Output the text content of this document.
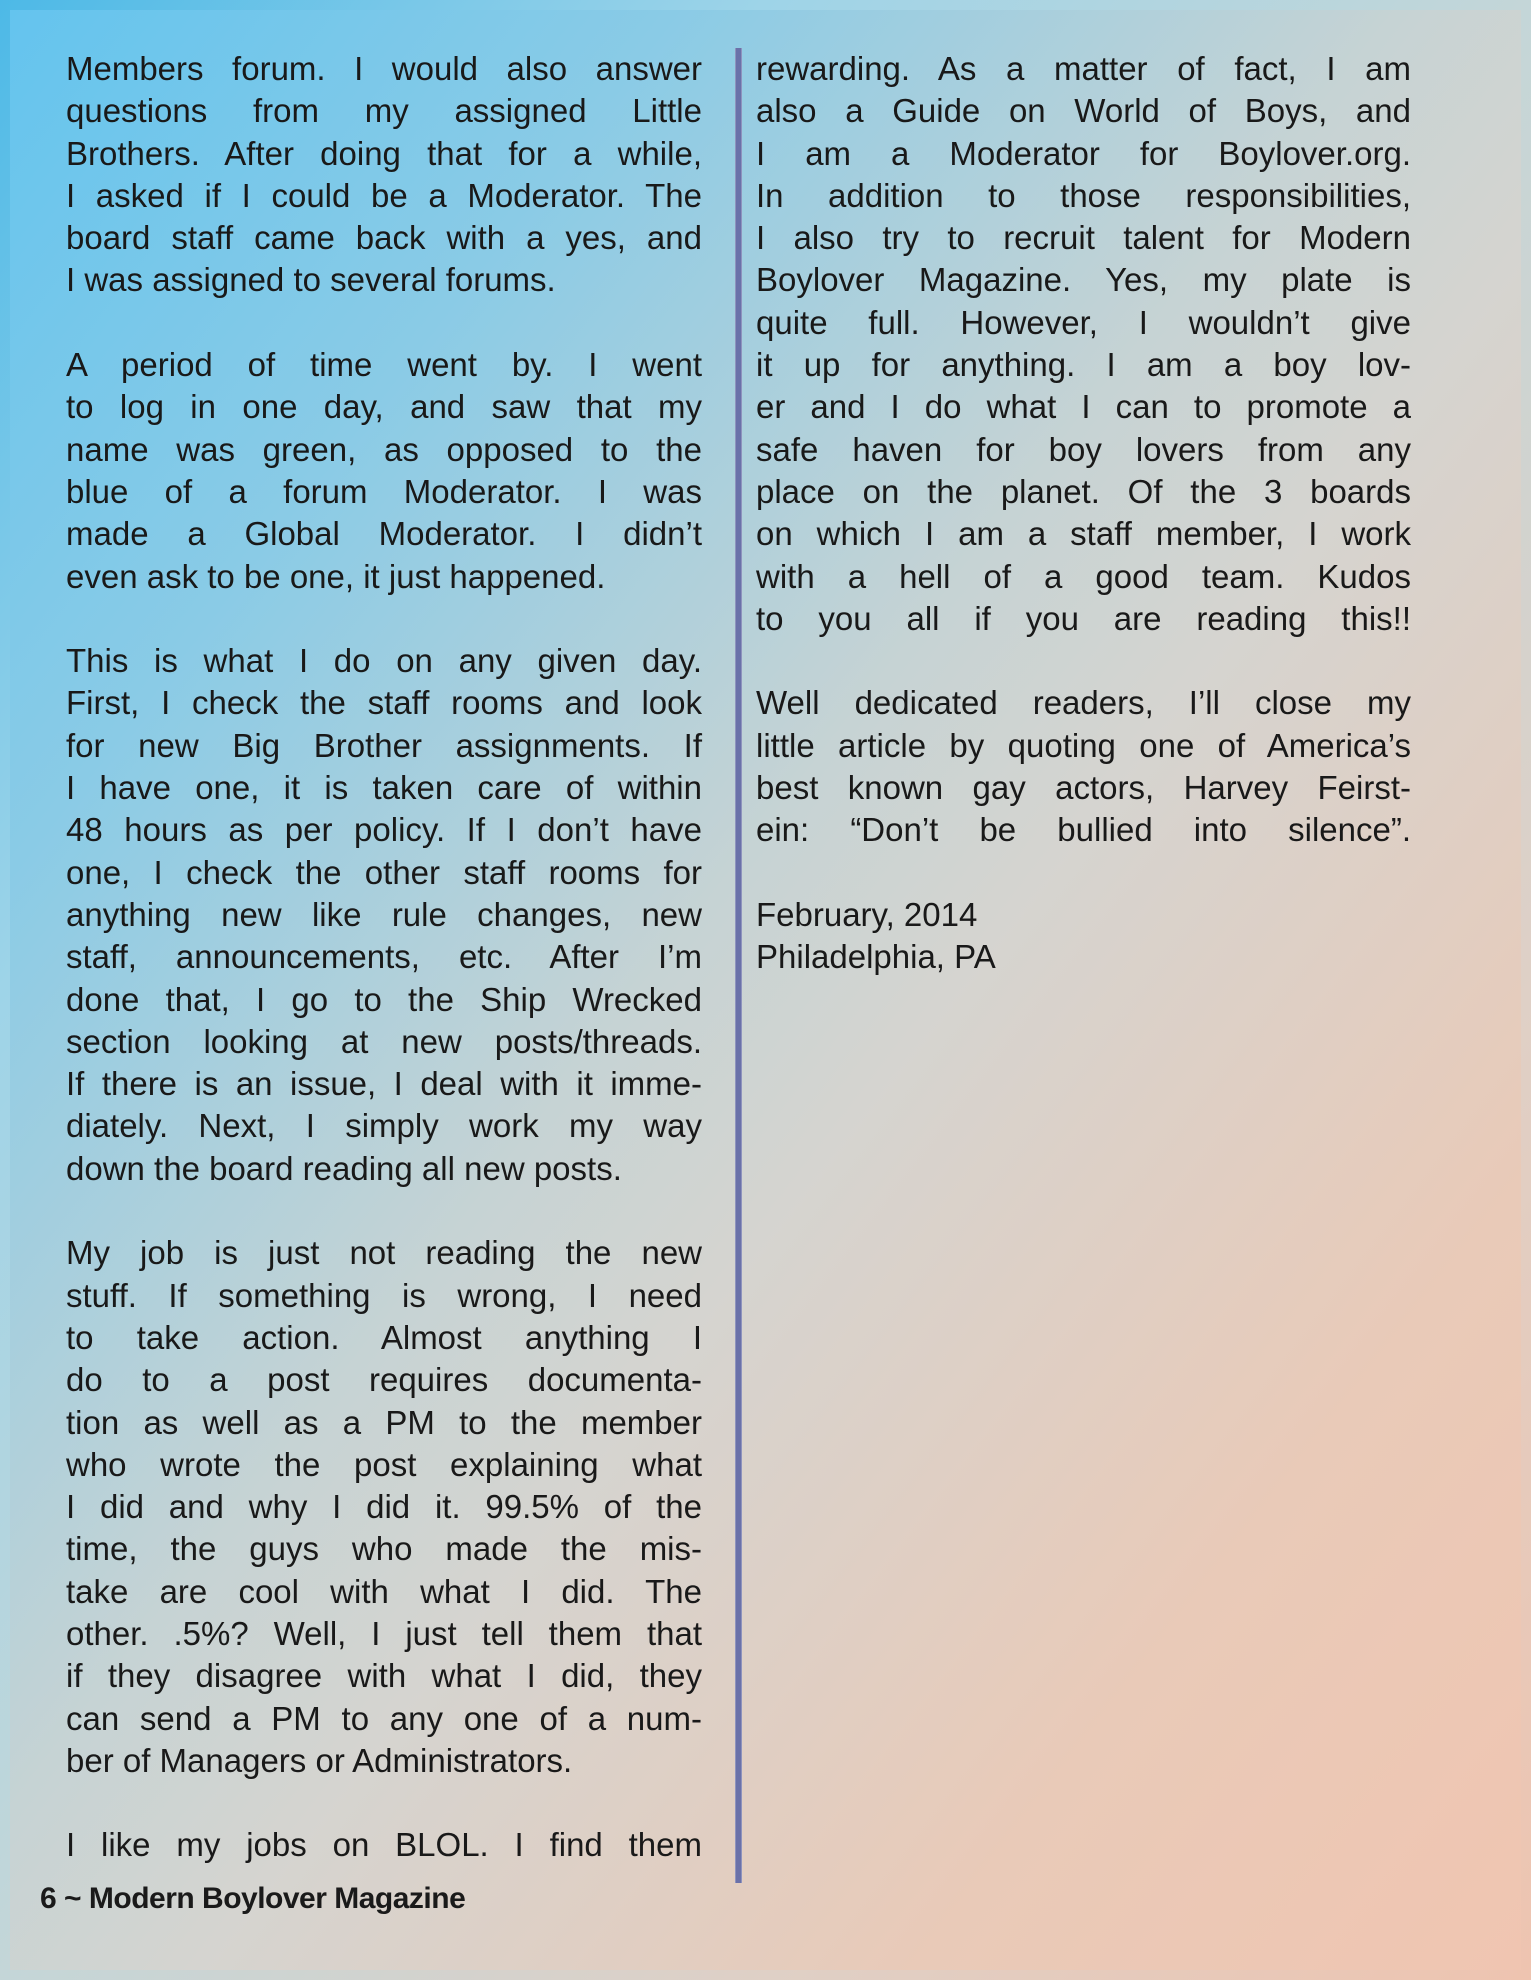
Members forum. I would also answer
questions from my assigned Little
Brothers. After doing that for a while,
I asked if I could be a Moderator. The
board staff came back with a yes, and
I was assigned to several forums.
A period of time went by. I went
to log in one day, and saw that my
name was green, as opposed to the
blue of a forum Moderator. I was
made a Global Moderator. I didn’t
even ask to be one, it just happened.
This is what I do on any given day.
First, I check the staff rooms and look
for new Big Brother assignments. If
I have one, it is taken care of within
48 hours as per policy. If I don’t have
one, I check the other staff rooms for
anything new like rule changes, new
staff, announcements, etc. After I’m
done that, I go to the Ship Wrecked
section looking at new posts/threads.
If there is an issue, I deal with it imme-
diately. Next, I simply work my way
down the board reading all new posts.
My job is just not reading the new
stuff. If something is wrong, I need
to take action. Almost anything I
do to a post requires documenta-
tion as well as a PM to the member
who wrote the post explaining what
I did and why I did it. 99.5% of the
time, the guys who made the mis-
take are cool with what I did. The
other. .5%? Well, I just tell them that
if they disagree with what I did, they
can send a PM to any one of a num-
ber of Managers or Administrators.
I like my jobs on BLOL. I find them
rewarding. As a matter of fact, I am
also a Guide on World of Boys, and
I am a Moderator for Boylover.org.
In addition to those responsibilities,
I also try to recruit talent for Modern
Boylover Magazine. Yes, my plate is
quite full. However, I wouldn’t give
it up for anything. I am a boy lov-
er and I do what I can to promote a
safe haven for boy lovers from any
place on the planet. Of the 3 boards
on which I am a staff member, I work
with a hell of a good team. Kudos
to you all if you are reading this!!
Well dedicated readers, I’ll close my
little article by quoting one of America’s
best known gay actors, Harvey Feirst-
ein: “Don’t be bullied into silence”.
February, 2014
Philadelphia, PA
6 ~ Modern Boylover Magazine
